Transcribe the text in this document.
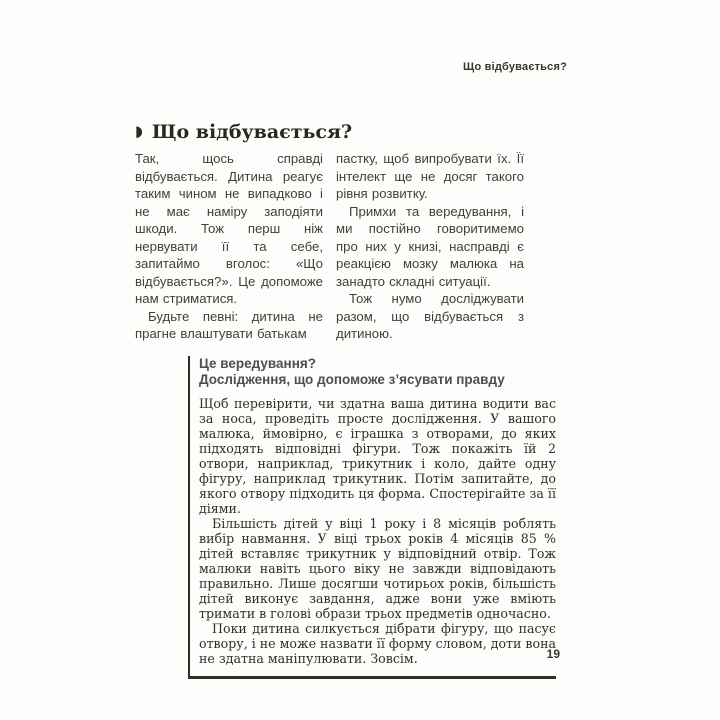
Що відбувається?
◗ Що відбувається?

Так, щось справді відбувається. Дитина реагує таким чином не випадково і не має наміру заподіяти шкоди. Тож перш ніж нервувати її та себе, запитаймо вголос: «Що відбувається?». Це допоможе нам стриматися.

Будьте певні: дитина не прагне влаштувати батькам

пастку, щоб випробувати їх. Її інтелект ще не досяг такого рівня розвитку.

Примхи та вередування, і ми постійно говоритимемо про них у книзі, насправді є реакцією мозку малюка на занадто складні ситуації.

Тож нумо досліджувати разом, що відбувається з дитиною.

Це вередування?
Дослідження, що допоможе з’ясувати правду

Щоб перевірити, чи здатна ваша дитина водити вас за носа, проведіть просте дослідження. У вашого малюка, ймовірно, є іграшка з отворами, до яких підходять відповідні фігури. Тож покажіть їй 2 отвори, наприклад, трикутник і коло, дайте одну фігуру, наприклад трикутник. Потім запитайте, до якого отвору підходить ця форма. Спостерігайте за її діями.

Більшість дітей у віці 1 року і 8 місяців роблять вибір навмання. У віці трьох років 4 місяців 85 % дітей вставляє трикутник у відповідний отвір. Тож малюки навіть цього віку не завжди відповідають правильно. Лише досягши чотирьох років, більшість дітей виконує завдання, адже вони уже вміють тримати в голові образи трьох предметів одночасно.

Поки дитина силкується дібрати фігуру, що пасує отвору, і не може назвати її форму словом, доти вона не здатна маніпулювати. Зовсім.	19
